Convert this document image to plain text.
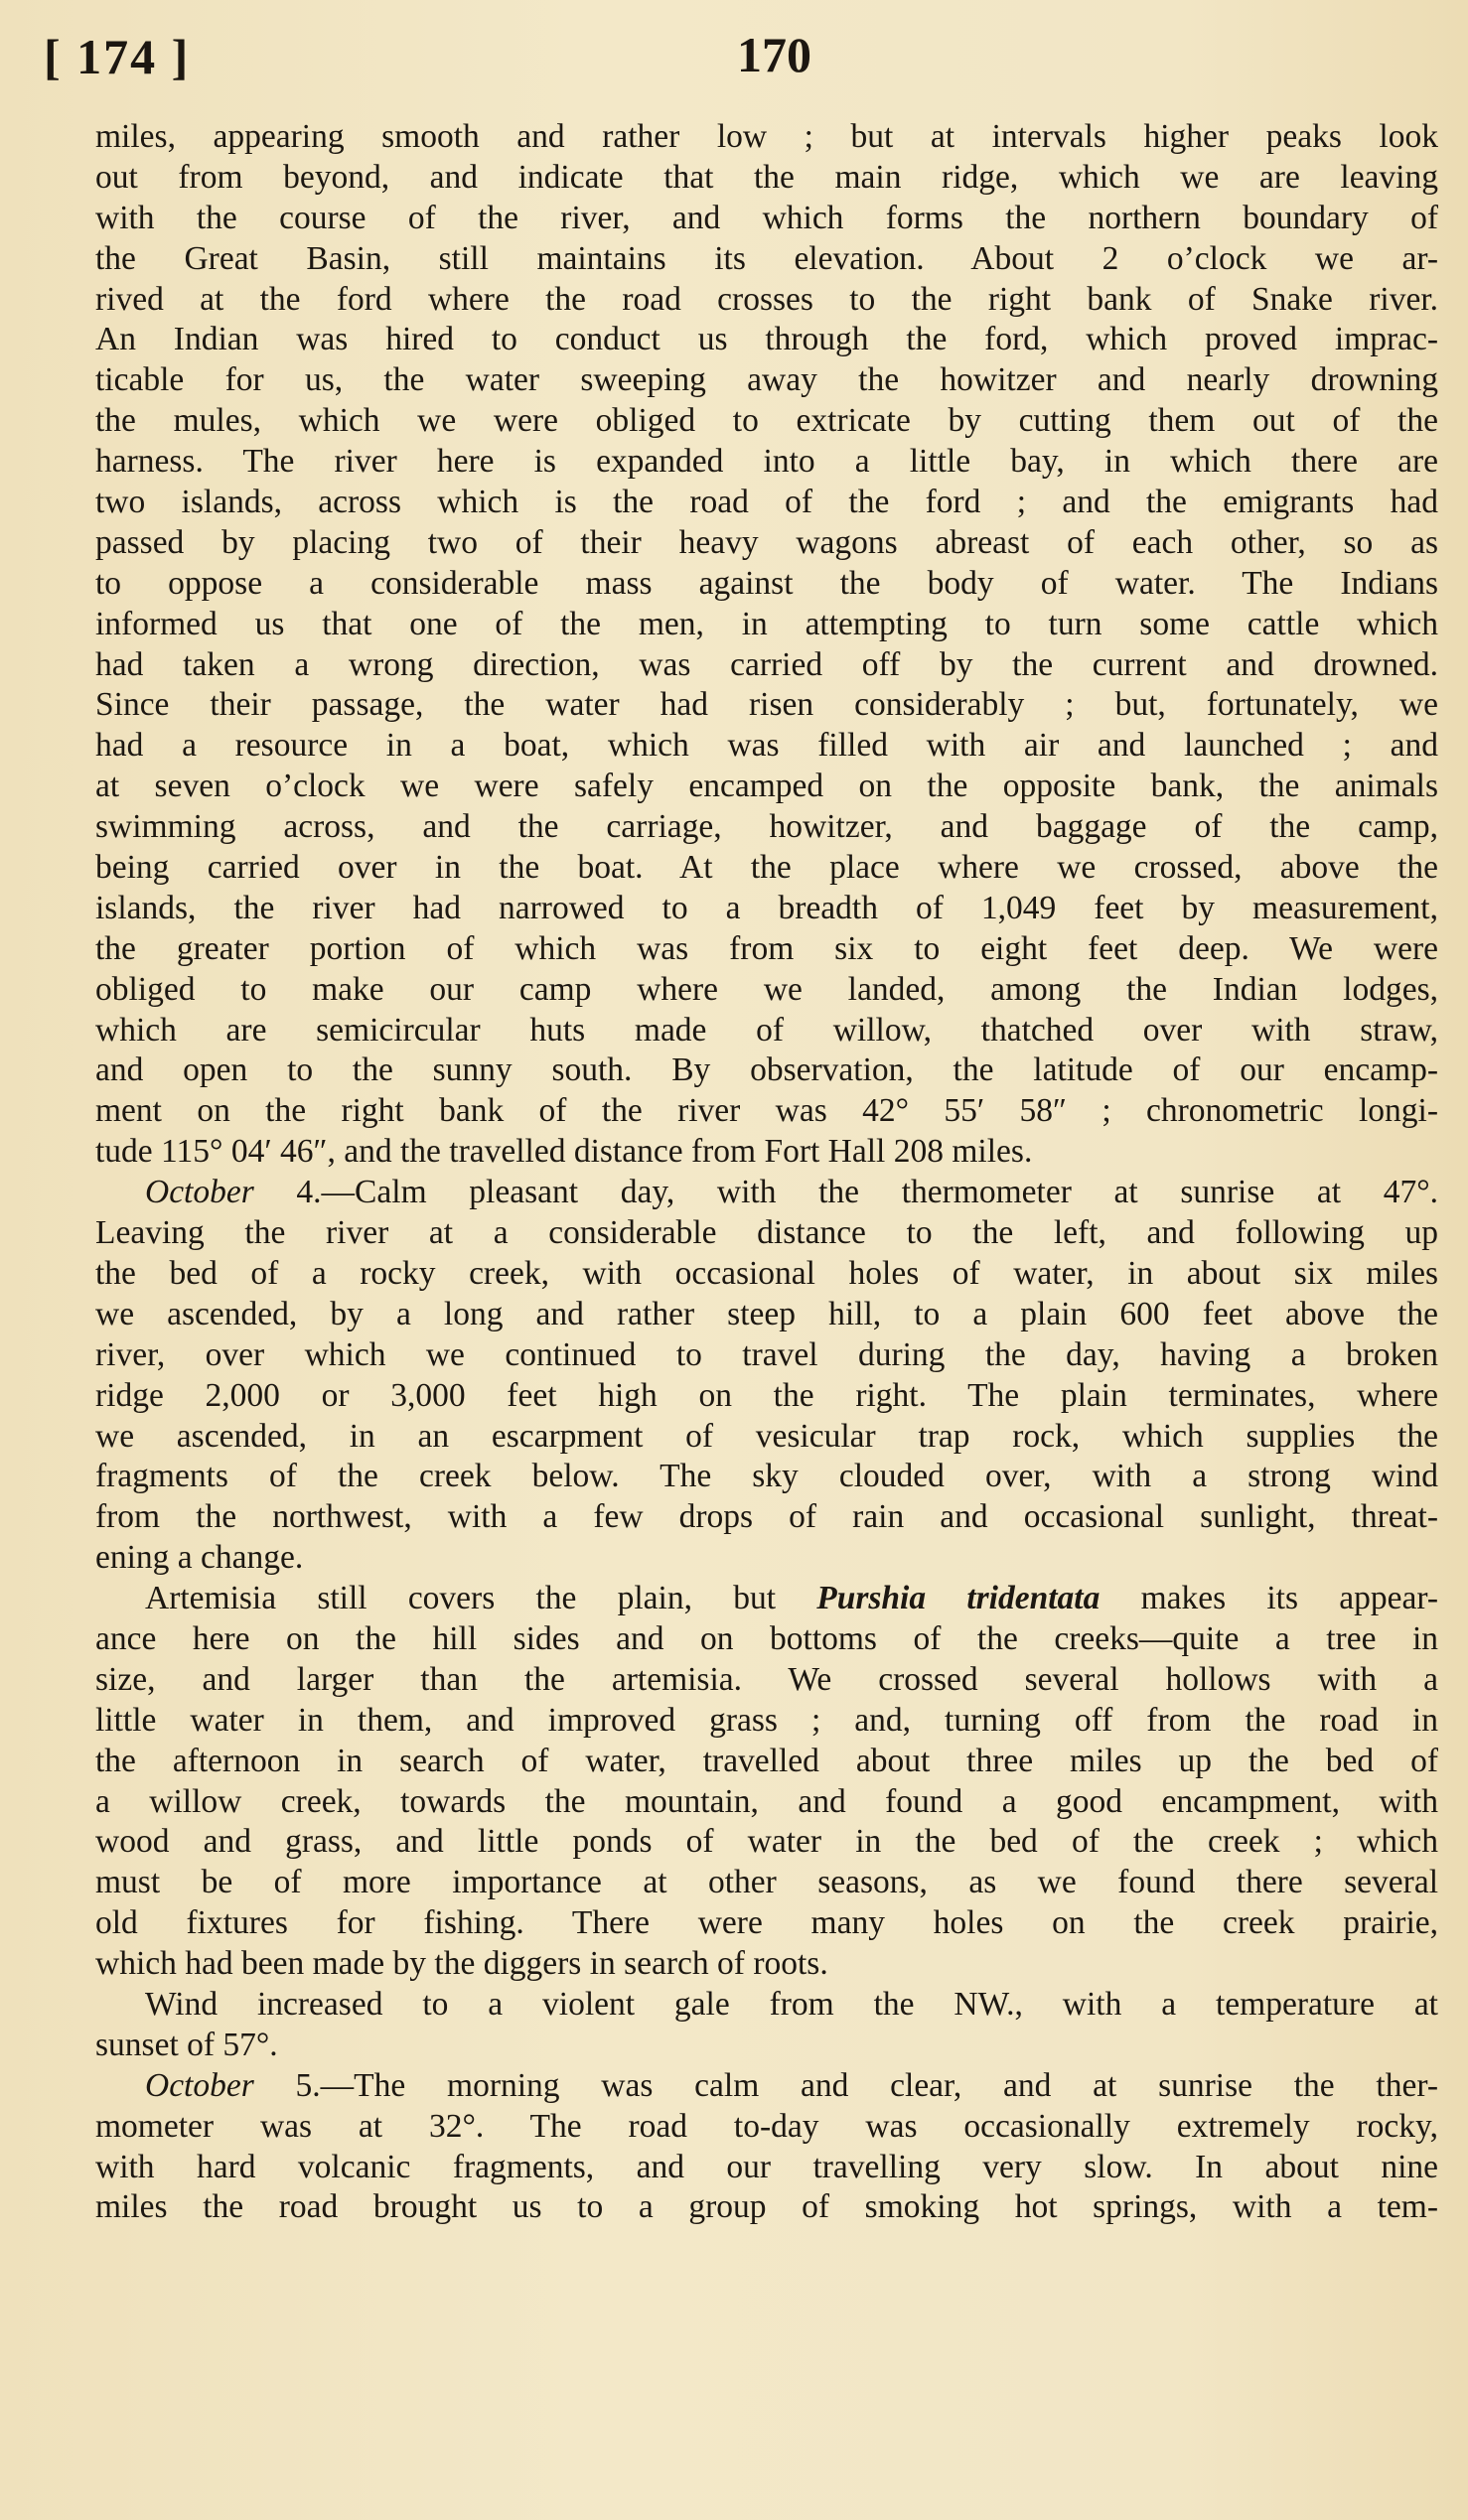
[ 174 ]	170
miles, appearing smooth and rather low ; but at intervals higher peaks look
out from beyond, and indicate that the main ridge, which we are leaving
with the course of the river, and which forms the northern boundary of
the Great Basin, still maintains its elevation. About 2 o’clock we ar-
rived at the ford where the road crosses to the right bank of Snake river.
An Indian was hired to conduct us through the ford, which proved imprac-
ticable for us, the water sweeping away the howitzer and nearly drowning
the mules, which we were obliged to extricate by cutting them out of the
harness. The river here is expanded into a little bay, in which there are
two islands, across which is the road of the ford ; and the emigrants had
passed by placing two of their heavy wagons abreast of each other, so as
to oppose a considerable mass against the body of water. The Indians
informed us that one of the men, in attempting to turn some cattle which
had taken a wrong direction, was carried off by the current and drowned.
Since their passage, the water had risen considerably ; but, fortunately, we
had a resource in a boat, which was filled with air and launched ; and
at seven o’clock we were safely encamped on the opposite bank, the animals
swimming across, and the carriage, howitzer, and baggage of the camp,
being carried over in the boat. At the place where we crossed, above the
islands, the river had narrowed to a breadth of 1,049 feet by measurement,
the greater portion of which was from six to eight feet deep. We were
obliged to make our camp where we landed, among the Indian lodges,
which are semicircular huts made of willow, thatched over with straw,
and open to the sunny south. By observation, the latitude of our encamp-
ment on the right bank of the river was 42° 55′ 58″ ; chronometric longi-
tude 115° 04′ 46″, and the travelled distance from Fort Hall 208 miles.
October 4.—Calm pleasant day, with the thermometer at sunrise at 47°.
Leaving the river at a considerable distance to the left, and following up
the bed of a rocky creek, with occasional holes of water, in about six miles
we ascended, by a long and rather steep hill, to a plain 600 feet above the
river, over which we continued to travel during the day, having a broken
ridge 2,000 or 3,000 feet high on the right. The plain terminates, where
we ascended, in an escarpment of vesicular trap rock, which supplies the
fragments of the creek below. The sky clouded over, with a strong wind
from the northwest, with a few drops of rain and occasional sunlight, threat-
ening a change.
Artemisia still covers the plain, but Purshia tridentata makes its appear-
ance here on the hill sides and on bottoms of the creeks—quite a tree in
size, and larger than the artemisia. We crossed several hollows with a
little water in them, and improved grass ; and, turning off from the road in
the afternoon in search of water, travelled about three miles up the bed of
a willow creek, towards the mountain, and found a good encampment, with
wood and grass, and little ponds of water in the bed of the creek ; which
must be of more importance at other seasons, as we found there several
old fixtures for fishing. There were many holes on the creek prairie,
which had been made by the diggers in search of roots.
Wind increased to a violent gale from the NW., with a temperature at
sunset of 57°.
October 5.—The morning was calm and clear, and at sunrise the ther-
mometer was at 32°. The road to-day was occasionally extremely rocky,
with hard volcanic fragments, and our travelling very slow. In about nine
miles the road brought us to a group of smoking hot springs, with a tem-
